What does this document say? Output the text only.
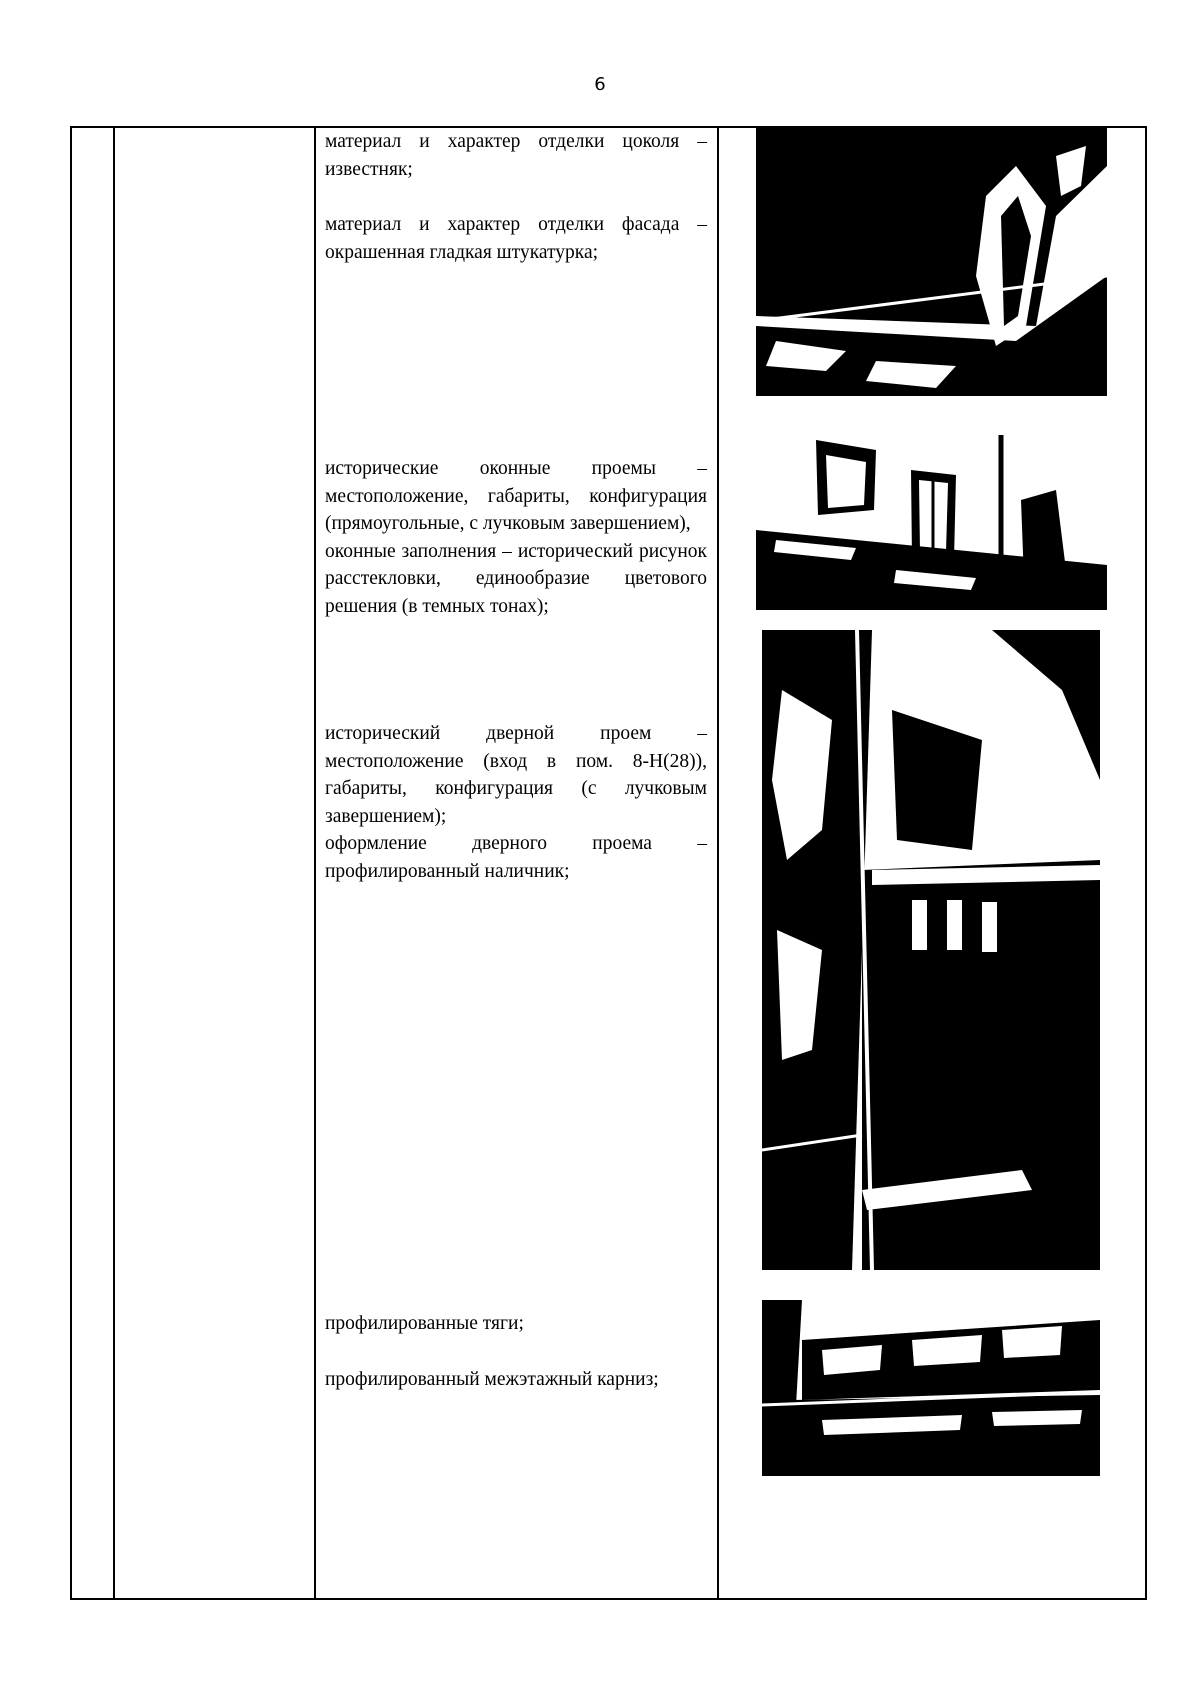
6

материал и характер отделки цоколя – известняк;

материал и характер отделки фасада – окрашенная гладкая штукатурка;

исторические оконные проемы – местоположение, габариты, конфигурация (прямоугольные, с лучковым завершением),

оконные заполнения – исторический рисунок расстекловки, единообразие цветового решения (в темных тонах);

исторический дверной проем – местоположение (вход в пом. 8-Н(28)), габариты, конфигурация (с лучковым завершением);

оформление дверного проема – профилированный наличник;

профилированные тяги;

профилированный межэтажный карниз;
